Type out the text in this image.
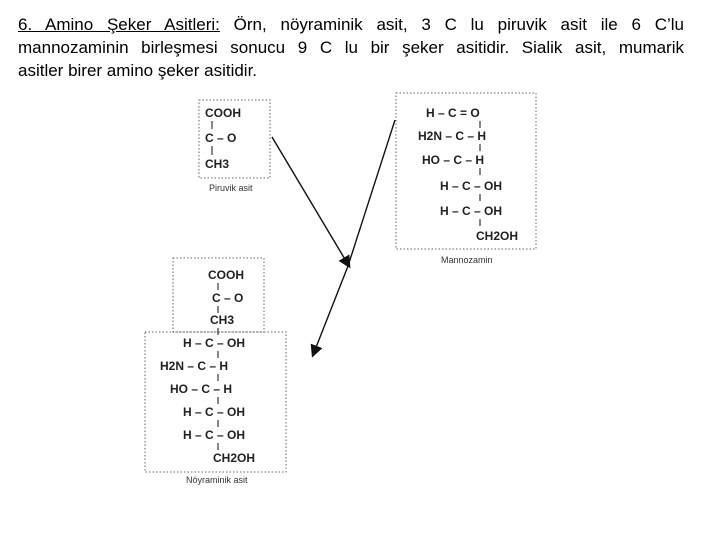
6. Amino Şeker Asitleri: Örn, nöyraminik asit, 3 C lu piruvik asit ile 6 C’lu
mannozaminin birleşmesi sonucu 9 C lu bir şeker asitidir. Sialik asit, mumarik
asitler birer amino şeker asitidir.
COOH
C – O
CH3
Piruvik asit
H – C = O
H2N – C – H
HO – C – H
H – C – OH
H – C – OH
CH2OH
Mannozamin
COOH
C – O
CH3
H – C – OH
H2N – C – H
HO – C – H
H – C – OH
H – C – OH
CH2OH
Nöyraminik asit
